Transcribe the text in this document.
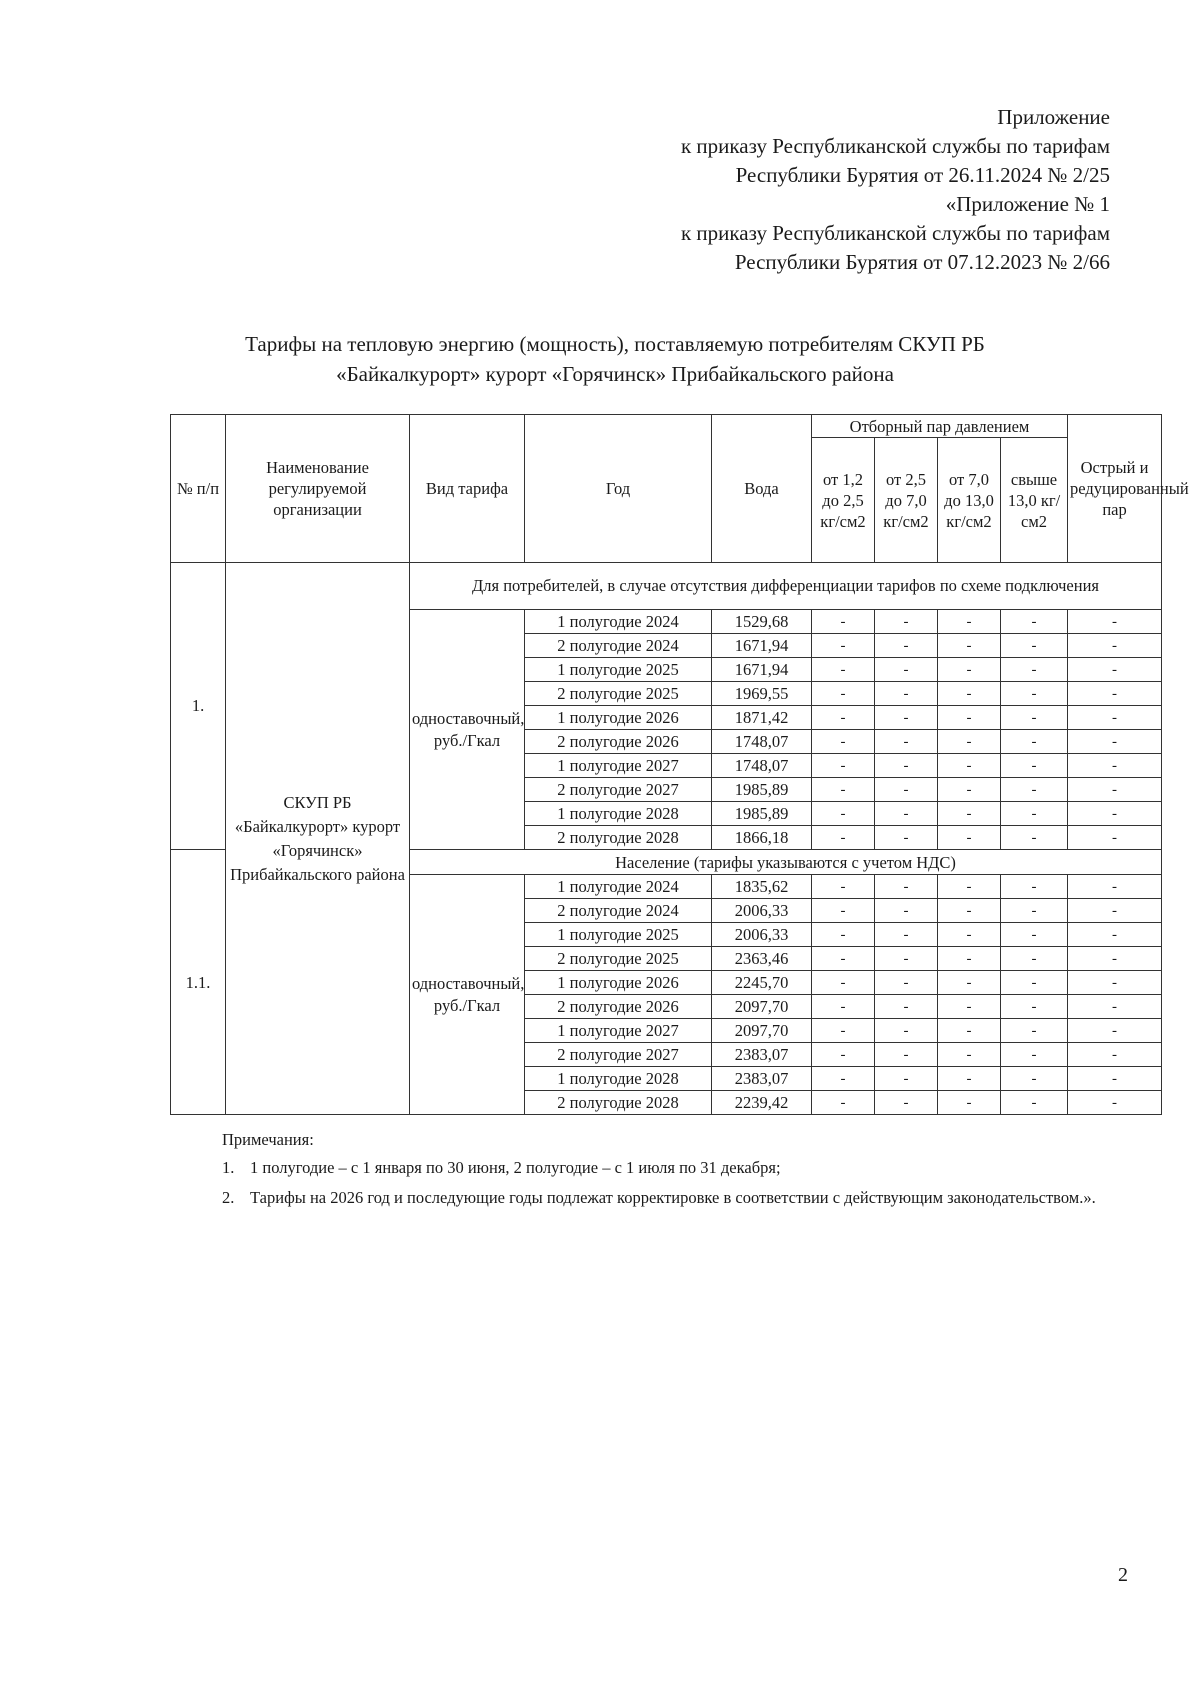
Приложение
к приказу Республиканской службы по тарифам
Республики Бурятия от 26.11.2024 № 2/25
«Приложение № 1
к приказу Республиканской службы по тарифам
Республики Бурятия от 07.12.2023 № 2/66
Тарифы на тепловую энергию (мощность), поставляемую потребителям СКУП РБ
«Байкалкурорт» курорт «Горячинск» Прибайкальского района
№ п/п	Наименование регулируемой организации	Вид тарифа	Год	Вода	Отборный пар давлением				Острый и редуцированный пар
					от 1,2 до 2,5 кг/см2	от 2,5 до 7,0 кг/см2	от 7,0 до 13,0 кг/см2	свыше 13,0 кг/см2	
1.	СКУП РБ «Байкалкурорт» курорт «Горячинск» Прибайкальского района	Для потребителей, в случае отсутствия дифференциации тарифов по схеме подключения							
		одноставочный, руб./Гкал	1 полугодие 2024	1529,68	-	-	-	-	-
			2 полугодие 2024	1671,94	-	-	-	-	-
			1 полугодие 2025	1671,94	-	-	-	-	-
			2 полугодие 2025	1969,55	-	-	-	-	-
			1 полугодие 2026	1871,42	-	-	-	-	-
			2 полугодие 2026	1748,07	-	-	-	-	-
			1 полугодие 2027	1748,07	-	-	-	-	-
			2 полугодие 2027	1985,89	-	-	-	-	-
			1 полугодие 2028	1985,89	-	-	-	-	-
			2 полугодие 2028	1866,18	-	-	-	-	-
1.1.		Население (тарифы указываются с учетом НДС)							
		одноставочный, руб./Гкал	1 полугодие 2024	1835,62	-	-	-	-	-
			2 полугодие 2024	2006,33	-	-	-	-	-
			1 полугодие 2025	2006,33	-	-	-	-	-
			2 полугодие 2025	2363,46	-	-	-	-	-
			1 полугодие 2026	2245,70	-	-	-	-	-
			2 полугодие 2026	2097,70	-	-	-	-	-
			1 полугодие 2027	2097,70	-	-	-	-	-
			2 полугодие 2027	2383,07	-	-	-	-	-
			1 полугодие 2028	2383,07	-	-	-	-	-
			2 полугодие 2028	2239,42	-	-	-	-	-
Примечания:
1. 1 полугодие – с 1 января по 30 июня, 2 полугодие – с 1 июля по 31 декабря;
2. Тарифы на 2026 год и последующие годы подлежат корректировке в соответствии с действующим законодательством.».
2
